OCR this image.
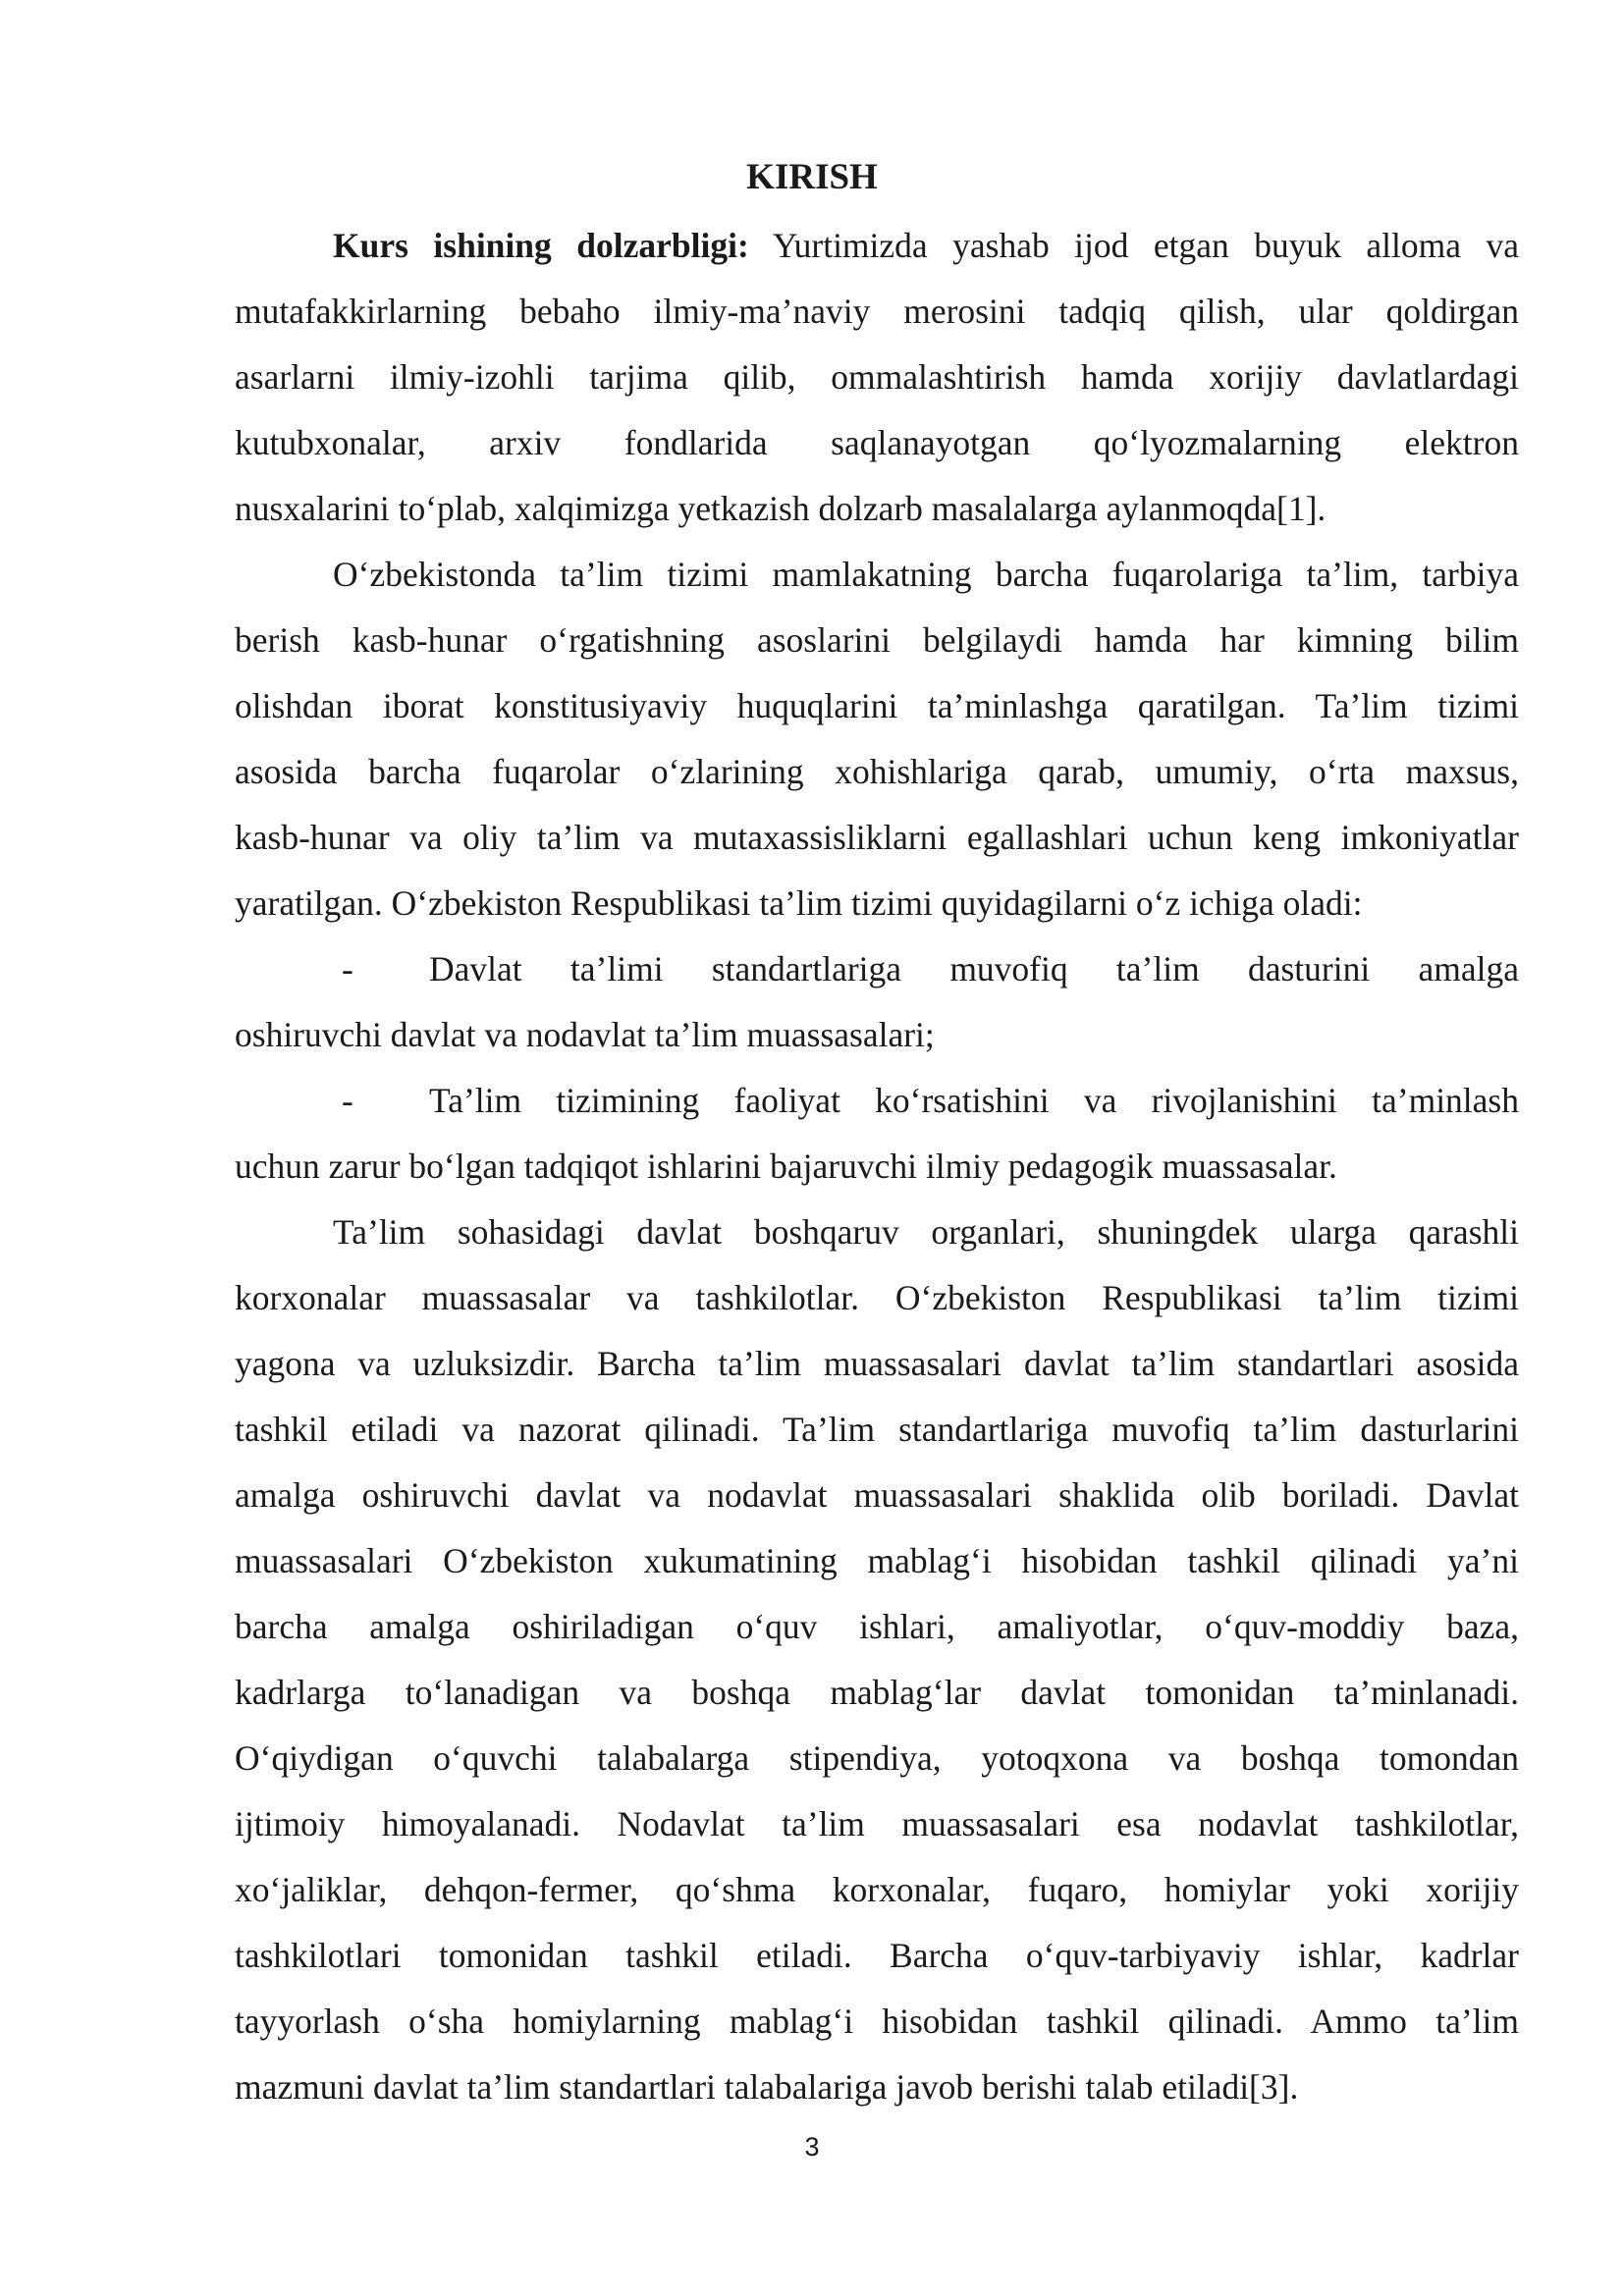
KIRISH
Kurs ishining dolzarbligi: Yurtimizda yashab ijod etgan buyuk alloma va
mutafakkirlarning bebaho ilmiy-ma’naviy merosini tadqiq qilish, ular qoldirgan
asarlarni ilmiy-izohli tarjima qilib, ommalashtirish hamda xorijiy davlatlardagi
kutubxonalar, arxiv fondlarida saqlanayotgan qo‘lyozmalarning elektron
nusxalarini to‘plab, xalqimizga yetkazish dolzarb masalalarga aylanmoqda[1].
O‘zbekistonda ta’lim tizimi mamlakatning barcha fuqarolariga ta’lim, tarbiya
berish kasb-hunar o‘rgatishning asoslarini belgilaydi hamda har kimning bilim
olishdan iborat konstitusiyaviy huquqlarini ta’minlashga qaratilgan. Ta’lim tizimi
asosida barcha fuqarolar o‘zlarining xohishlariga qarab, umumiy, o‘rta maxsus,
kasb-hunar va oliy ta’lim va mutaxassisliklarni egallashlari uchun keng imkoniyatlar
yaratilgan. O‘zbekiston Respublikasi ta’lim tizimi quyidagilarni o‘z ichiga oladi:
- Davlat ta’limi standartlariga muvofiq ta’lim dasturini amalga
oshiruvchi davlat va nodavlat ta’lim muassasalari;
- Ta’lim tizimining faoliyat ko‘rsatishini va rivojlanishini ta’minlash
uchun zarur bo‘lgan tadqiqot ishlarini bajaruvchi ilmiy pedagogik muassasalar.
Ta’lim sohasidagi davlat boshqaruv organlari, shuningdek ularga qarashli
korxonalar muassasalar va tashkilotlar. O‘zbekiston Respublikasi ta’lim tizimi
yagona va uzluksizdir. Barcha ta’lim muassasalari davlat ta’lim standartlari asosida
tashkil etiladi va nazorat qilinadi. Ta’lim standartlariga muvofiq ta’lim dasturlarini
amalga oshiruvchi davlat va nodavlat muassasalari shaklida olib boriladi. Davlat
muassasalari O‘zbekiston xukumatining mablag‘i hisobidan tashkil qilinadi ya’ni
barcha amalga oshiriladigan o‘quv ishlari, amaliyotlar, o‘quv-moddiy baza,
kadrlarga to‘lanadigan va boshqa mablag‘lar davlat tomonidan ta’minlanadi.
O‘qiydigan o‘quvchi talabalarga stipendiya, yotoqxona va boshqa tomondan
ijtimoiy himoyalanadi. Nodavlat ta’lim muassasalari esa nodavlat tashkilotlar,
xo‘jaliklar, dehqon-fermer, qo‘shma korxonalar, fuqaro, homiylar yoki xorijiy
tashkilotlari tomonidan tashkil etiladi. Barcha o‘quv-tarbiyaviy ishlar, kadrlar
tayyorlash o‘sha homiylarning mablag‘i hisobidan tashkil qilinadi. Ammo ta’lim
mazmuni davlat ta’lim standartlari talabalariga javob berishi talab etiladi[3].
3
